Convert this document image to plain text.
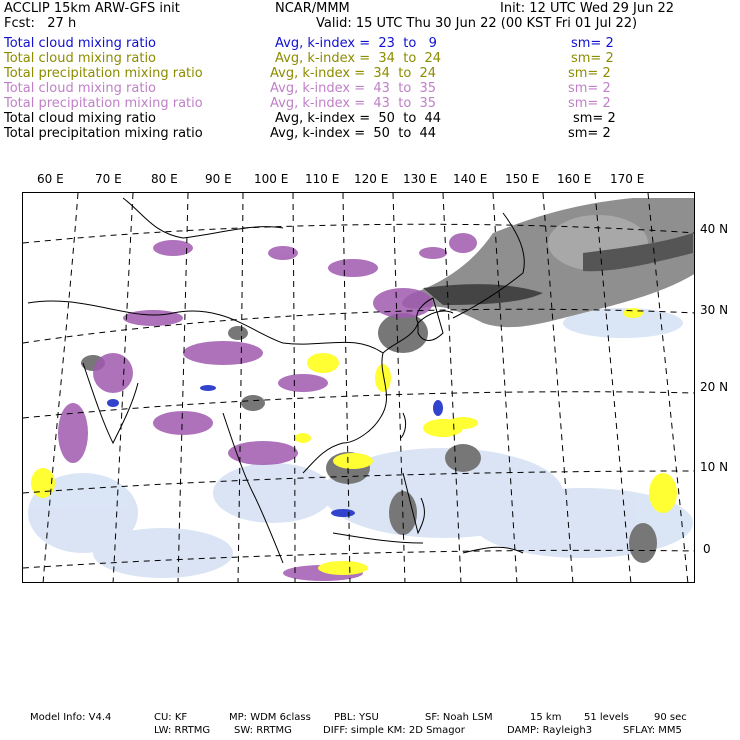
ACCLIP 15km ARW-GFS init	NCAR/MMM	Init: 12 UTC Wed 29 Jun 22
Fcst:   27 h	Valid: 15 UTC Thu 30 Jun 22 (00 KST Fri 01 Jul 22)
Total cloud mixing ratio	Avg, k-index =  23  to   9	sm= 2
Total cloud mixing ratio	Avg, k-index =  34  to  24	sm= 2
Total precipitation mixing ratio	Avg, k-index =  34  to  24	sm= 2
Total cloud mixing ratio	Avg, k-index =  43  to  35	sm= 2
Total precipitation mixing ratio	Avg, k-index =  43  to  35	sm= 2
Total cloud mixing ratio	Avg, k-index =  50  to  44	sm= 2
Total precipitation mixing ratio	Avg, k-index =  50  to  44	sm= 2
60 E	70 E 80 E 90 E 100 E 110 E 120 E 130 E 140 E 150 E 160 E 170 E
40 N
30 N
20 N
10 N
0
Model Info: V4.4	CU: KF	MP: WDM 6class PBL: YSU	SF: Noah LSM	15 km 51 levels	90 sec
LW: RRTMG SW: RRTMG	DIFF: simple KM: 2D Smagor	DAMP: Rayleigh3	SFLAY: MM5
